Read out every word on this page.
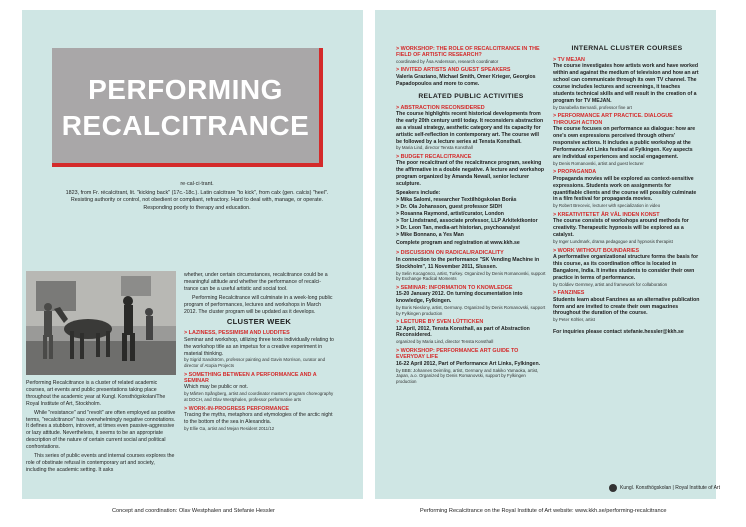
PERFORMING
RECALCITRANCE
re·cal·ci·trant.
1823, from Fr. récalcitrant, lit. "kicking back" (17c.-18c.). Latin calcitrare "to kick", from calx (gen. calcis) "heel". Resisting authority or control, not obedient or compliant, refractory. Hard to deal with, manage, or operate. Responding poorly to therapy and education.

Performing Recalcitrance is a cluster of related academic courses, art events and public presentations taking place throughout the academic year at Kungl. Konsthögskolan/The Royal Institute of Art, Stockholm.

While "resistance" and "revolt" are often employed as positive terms, "recalcitrance" has overwhelmingly negative connotations. It defines a stubborn, introvert, at times even passive-aggressive or lazy attitude. Nevertheless, it seems to be an appropriate description of the nature of certain current social and political confrontations.

This series of public events and internal courses explores the role of obstinate refusal in contemporary art and society, including the academic setting. It asks

whether, under certain circumstances, recalcitrance could be a meaningful attitude and whether the performance of recalci-trance can be a useful artistic and social tool.

Performing Recalcitrance will culminate in a week-long public program of performances, lectures and workshops in March 2012. The cluster program will be updated as it develops.

CLUSTER WEEK
> LAZINESS, PESSIMISM AND LUDDITES
Seminar and workshop, utilizing three texts individually relating to the workshop title as an impetus for a creative experiment in material thinking.
by Sigrid Sandström, professor painting and Gavin Morrison, curator and director of Atopia Projects
> SOMETHING BETWEEN A PERFORMANCE AND A SEMINAR
Which may be public or not.
by Mårten Spångberg, artist and coordinator master's program choreography at DOCH, and Olav Westphalen, professor performative arts
> WORK-IN-PROGRESS PERFORMANCE
Tracing the myths, metaphors and etymologies of the arctic night to the bottom of the sea in Alexandria.
by Ellie Ga, artist and Mejan Resident 2011/12
Concept and coordination: Olav Westphalen and Stefanie Hessler
> WORKSHOP: THE ROLE OF RECALCITRANCE IN THE FIELD OF ARTISTIC RESEARCH?
coordinated by Åsa Andersson, research coordinator
> INVITED ARTISTS AND GUEST SPEAKERS
Valeria Graziano, Michael Smith, Omer Krieger, Georgios Papadopoulos and more to come.
RELATED PUBLIC ACTIVITIES
> ABSTRACTION RECONSIDERED
The course highlights recent historical developments from the early 20th century until today. It reconsiders abstraction as a visual strategy, aesthetic category and its capacity for artistic self-reflection in contemporary art. The course will be followed by a lecture series at Tensta Konsthall.
by Maria Lind, director Tensta Konsthall
> BUDGET RECALCITRANCE
The poor recalcitrant of the recalcitrance program, seeking the affirmative in a double negative. A lecture and workshop program organized by Amanda Newall, senior lecturer sculpture.
Speakers include:
> Mika Salomi, researcher Textilhögskolan Borås
> Dr. Ola Johansson, guest professor SIDH
> Rosanna Raymond, artist/curator, London
> Tor Lindstrand, associate professor, LLP Arkitektkontor
> Dr. Leon Tan, media-art historian, psychoanalyst
> Mike Bonnano, a Yes Man
Complete program and registration at www.kkh.se
> DISCUSSION ON RADICAL/RADICALITY
In connection to the performance "SK Vending Machine in Stockholm", 11 November 2011, Slussen.
by Selin Kocagöncü, artist, Turkey. Organized by Denis Romanovski, support by Exchange Radical Moments
> SEMINAR: INFORMATION TO KNOWLEDGE
15-20 January 2012. On turning documentation into knowledge, Fylkingen.
by Boris Nieslony, artist, Germany. Organized by Denis Romanovski, support by Fylkingen production
> LECTURE BY SVEN LÜTTICKEN
12 April, 2012, Tensta Konsthall, as part of Abstraction Reconsidered.
organized by Maria Lind, director Tensta Konsthall
> WORKSHOP: PERFORMANCE ART GUIDE TO EVERYDAY LIFE
16-22 April 2012, Part of Performance Art Links, Fylkingen.
by BBB: Johannes Deimling, artist, Germany and Sakiko Yamaoka, artist, Japan, a.o. Organized by Denis Romanovski, support by Fylkingen production
INTERNAL CLUSTER COURSES
> TV MEJAN
The course investigates how artists work and have worked within and against the medium of television and how an art school can communicate through its own TV channel. The course includes lectures and screenings, it teaches students technical skills and will result in the creation of a program for TV MEJAN.
by Danabella Bernardi, professor fine art
> PERFORMANCE ART PRACTICE. DIALOGUE THROUGH ACTION
The course focuses on performance as dialogue: how are one's own expressions perceived through others' responsive actions. It includes a public workshop at the Performance Art Links festival at Fylkingen. Key aspects are individual experiences and social engagement.
by Denis Romanovski, artist and guest lecturer
> PROPAGANDA
Propaganda movies will be explored as context-sensitive expressions. Students work on assignments for quantifiable clients and the course will possibly culminate in a film festival for propaganda movies.
by Robert Brecevic, lecturer with specialization in video
> KREATIVITETET ÄR VÅL INDEN KONST
The course consists of workshops around methods for creativity. Therapeutic hypnosis will be explored as a catalyst.
by Inger Lundmark, drama pedagogue and hypnosis therapist
> WORK WITHOUT BOUNDARIES
A performative organizational structure forms the basis for this course, as its coordination office is located in Bangalore, India. It invites students to consider their own practice in terms of performance.
by Goldiev Gemmey, artist and framework for collaboration
> FANZINES
Students learn about Fanzines as an alternative publication form and are invited to create their own magazines throughout the duration of the course.
by Peter Köhler, artist
For inquiries please contact stefanie.hessler@kkh.se
Kungl. Konsthögskolan | Royal Institute of Art
Performing Recalcitrance on the Royal Institute of Art website: www.kkh.se/performing-recalcitrance
